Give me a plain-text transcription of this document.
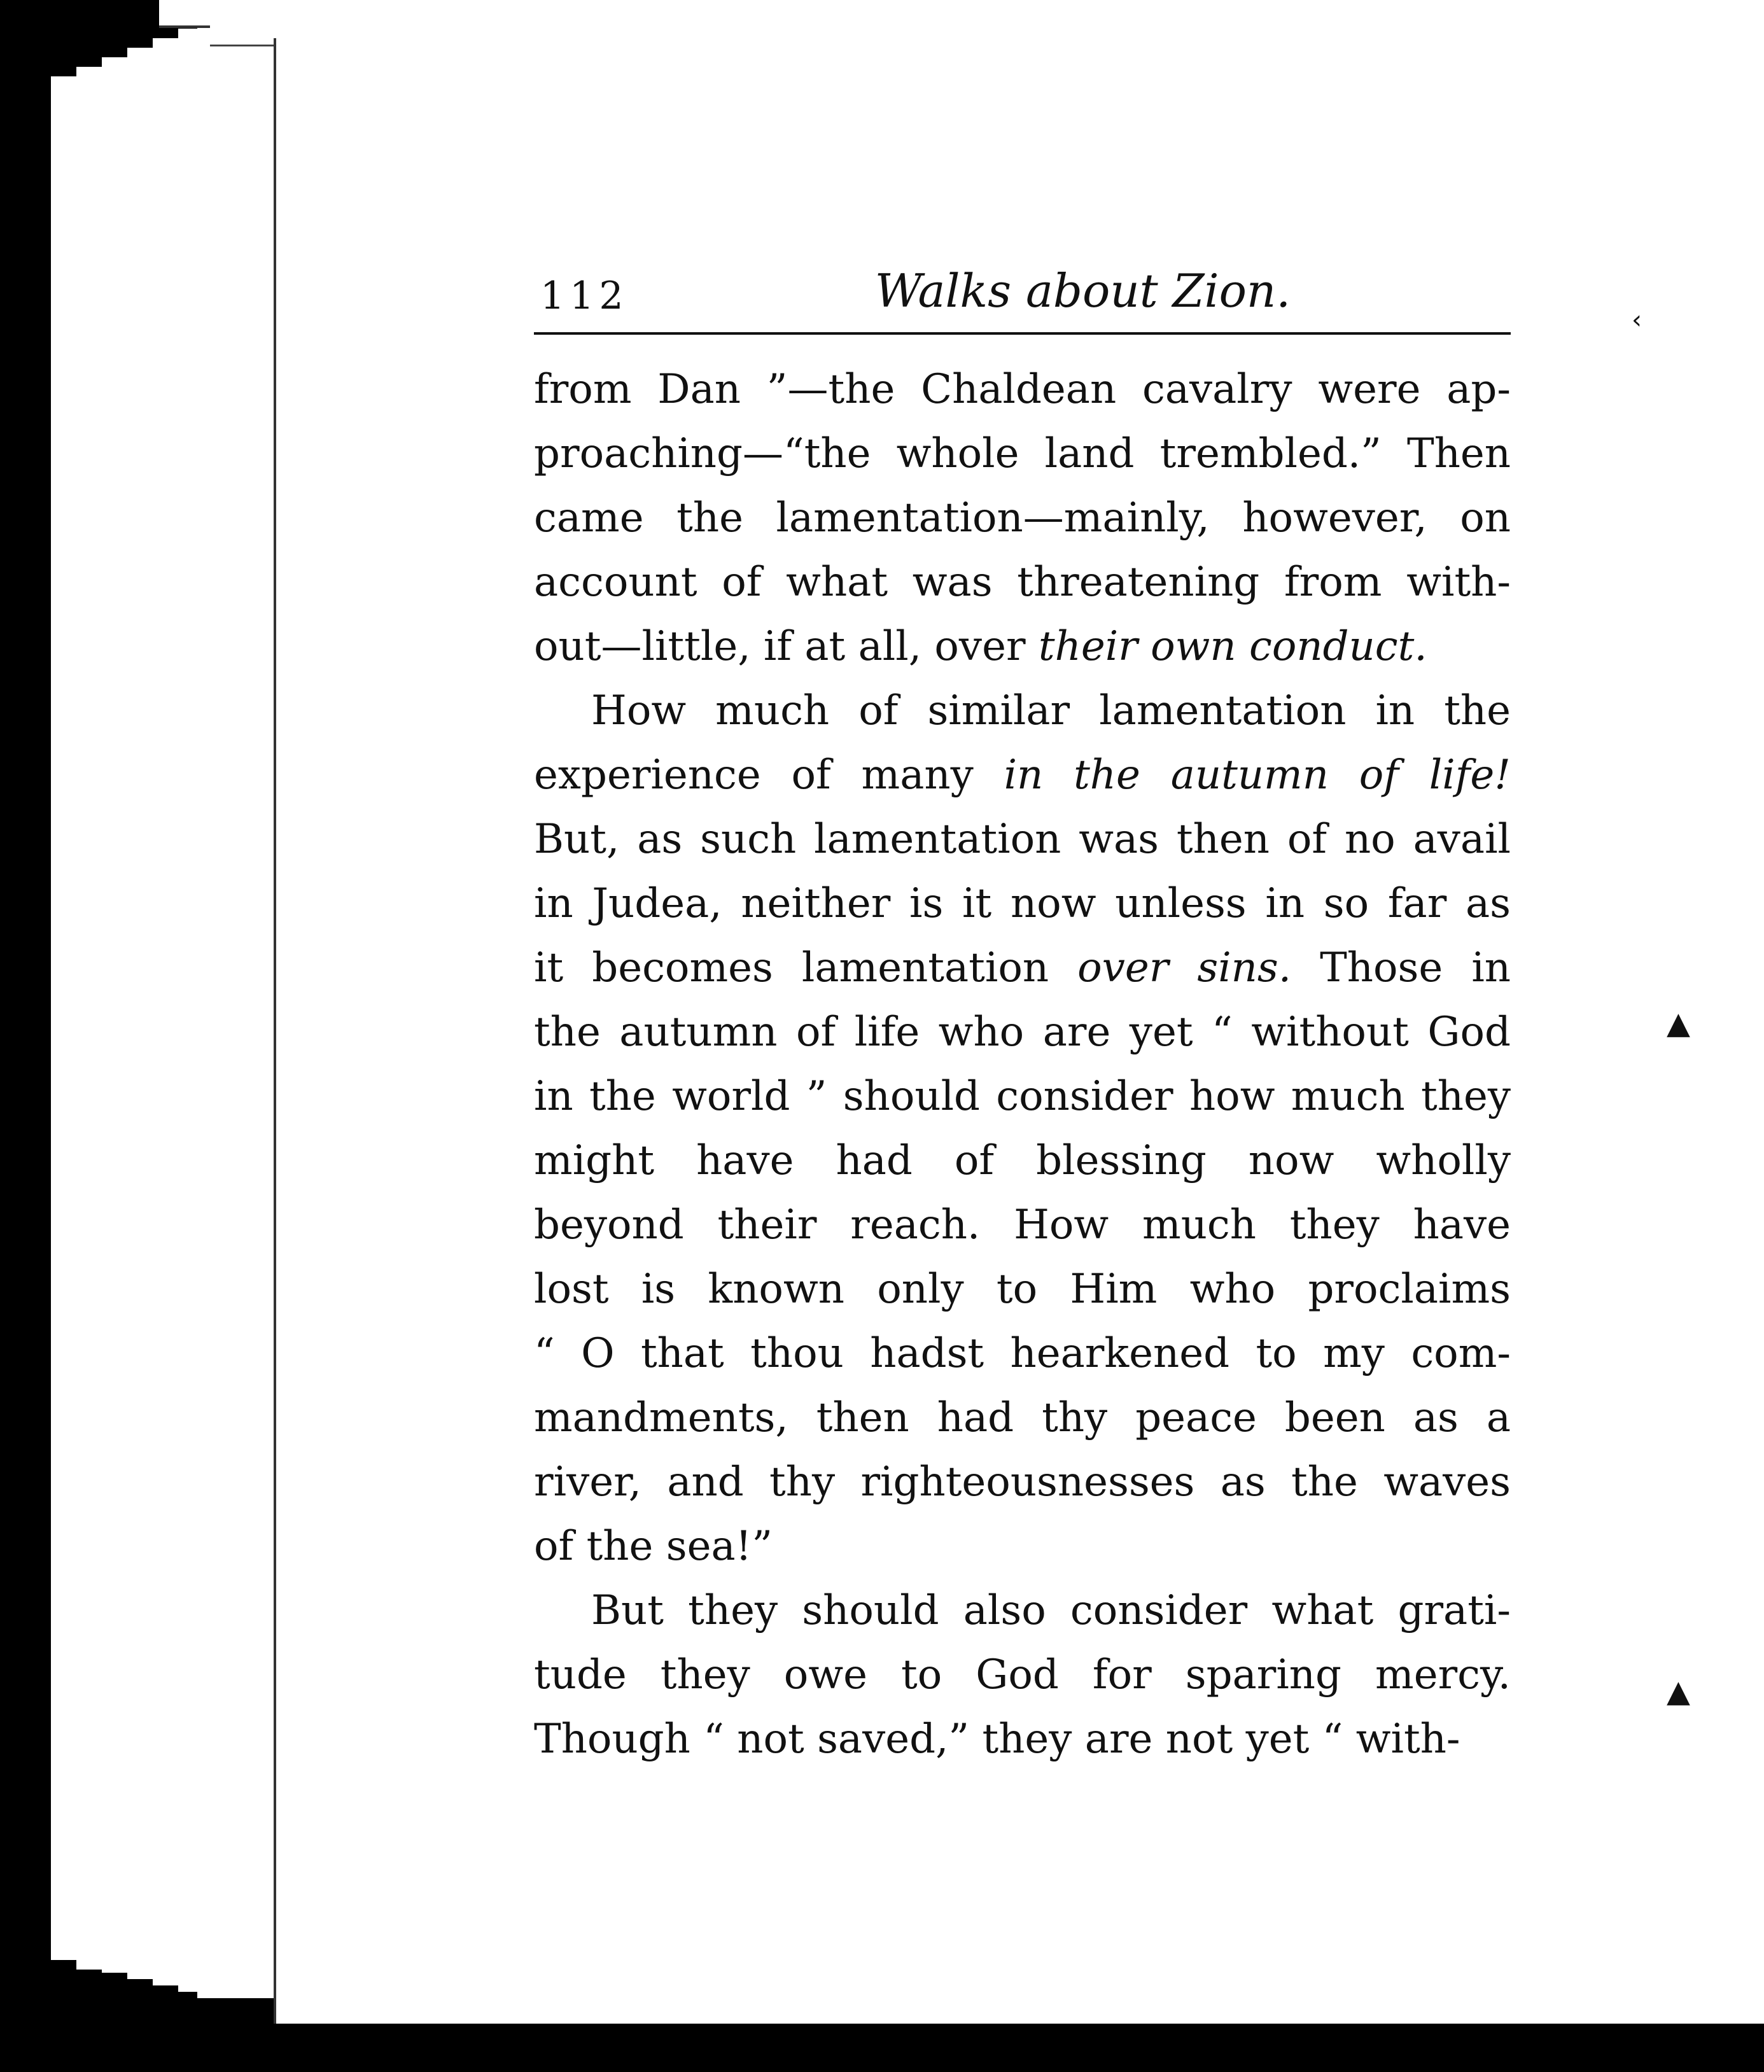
112	Walks about Zion.

from Dan ”—the Chaldean cavalry were ap-
proaching—“the whole land trembled.” Then
came the lamentation—mainly, however, on
account of what was threatening from with-
out—little, if at all, over their own conduct.

How much of similar lamentation in the
experience of many in the autumn of life!
But, as such lamentation was then of no avail
in Judea, neither is it now unless in so far as
it becomes lamentation over sins. Those in
the autumn of life who are yet “ without God
in the world ” should consider how much they
might have had of blessing now wholly
beyond their reach. How much they have
lost is known only to Him who proclaims
“ O that thou hadst hearkened to my com-
mandments, then had thy peace been as a
river, and thy righteousnesses as the waves
of the sea!”

But they should also consider what grati-
tude they owe to God for sparing mercy.
Though “ not saved,” they are not yet “ with-

‹
▲
▲
